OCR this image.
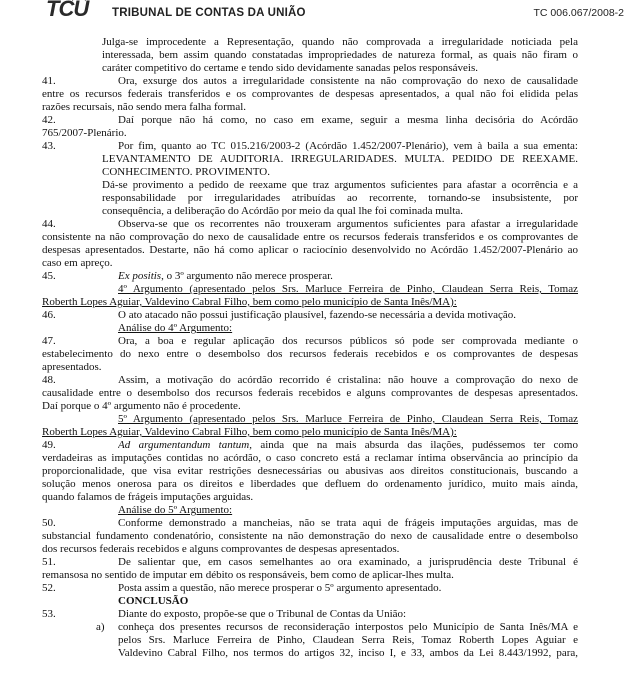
TCU TRIBUNAL DE CONTAS DA UNIÃO	TC 006.067/2008-2
Julga-se improcedente a Representação, quando não comprovada a irregularidade noticiada pela
interessada, bem assim quando constatadas impropriedades de natureza formal, as quais não firam o
caráter competitivo do certame e tendo sido devidamente sanadas pelos responsáveis.
41.	Ora, exsurge dos autos a irregularidade consistente na não comprovação do nexo de causalidade
entre os recursos federais transferidos e os comprovantes de despesas apresentados, a qual não foi elidida pelas
razões recursais, não sendo mera falha formal.
42.	Daí porque não há como, no caso em exame, seguir a mesma linha decisória do Acórdão
765/2007-Plenário.
43.	Por fim, quanto ao TC 015.216/2003-2 (Acórdão 1.452/2007-Plenário), vem à baila a sua ementa:
LEVANTAMENTO DE AUDITORIA. IRREGULARIDADES. MULTA. PEDIDO DE REEXAME.
CONHECIMENTO. PROVIMENTO.
Dá-se provimento a pedido de reexame que traz argumentos suficientes para afastar a ocorrência e a
responsabilidade por irregularidades atribuídas ao recorrente, tornando-se insubsistente, por
consequência, a deliberação do Acórdão por meio da qual lhe foi cominada multa.
44.	Observa-se que os recorrentes não trouxeram argumentos suficientes para afastar a irregularidade
consistente na não comprovação do nexo de causalidade entre os recursos federais transferidos e os comprovantes de
despesas apresentados. Destarte, não há como aplicar o raciocínio desenvolvido no Acórdão 1.452/2007-Plenário ao
caso em apreço.
45.	Ex positis, o 3º argumento não merece prosperar.
4º Argumento (apresentado pelos Srs. Marluce Ferreira de Pinho, Claudean Serra Reis, Tomaz
Roberth Lopes Aguiar, Valdevino Cabral Filho, bem como pelo município de Santa Inês/MA):
46.	O ato atacado não possui justificação plausível, fazendo-se necessária a devida motivação.
Análise do 4º Argumento:
47.	Ora, a boa e regular aplicação dos recursos públicos só pode ser comprovada mediante o
estabelecimento do nexo entre o desembolso dos recursos federais recebidos e os comprovantes de despesas
apresentados.
48.	Assim, a motivação do acórdão recorrido é cristalina: não houve a comprovação do nexo de
causalidade entre o desembolso dos recursos federais recebidos e alguns comprovantes de despesas apresentados.
Daí porque o 4º argumento não é procedente.
5º Argumento (apresentado pelos Srs. Marluce Ferreira de Pinho, Claudean Serra Reis, Tomaz
Roberth Lopes Aguiar, Valdevino Cabral Filho, bem como pelo município de Santa Inês/MA):
49.	Ad argumentandum tantum, ainda que na mais absurda das ilações, pudéssemos ter como
verdadeiras as imputações contidas no acórdão, o caso concreto está a reclamar íntima observância ao princípio da
proporcionalidade, que visa evitar restrições desnecessárias ou abusivas aos direitos constitucionais, buscando a
solução menos onerosa para os direitos e liberdades que defluem do ordenamento jurídico, muito mais ainda,
quando falamos de frágeis imputações arguidas.
Análise do 5º Argumento:
50.	Conforme demonstrado a mancheias, não se trata aqui de frágeis imputações arguidas, mas de
substancial fundamento condenatório, consistente na não demonstração do nexo de causalidade entre o desembolso
dos recursos federais recebidos e alguns comprovantes de despesas apresentados.
51.	De salientar que, em casos semelhantes ao ora examinado, a jurisprudência deste Tribunal é
remansosa no sentido de imputar em débito os responsáveis, bem como de aplicar-lhes multa.
52.	Posta assim a questão, não merece prosperar o 5º argumento apresentado.
CONCLUSÃO
53.	Diante do exposto, propõe-se que o Tribunal de Contas da União:
a) conheça dos presentes recursos de reconsideração interpostos pelo Município de Santa Inês/MA e
pelos Srs. Marluce Ferreira de Pinho, Claudean Serra Reis, Tomaz Roberth Lopes Aguiar e
Valdevino Cabral Filho, nos termos do artigos 32, inciso I, e 33, ambos da Lei 8.443/1992, para,
